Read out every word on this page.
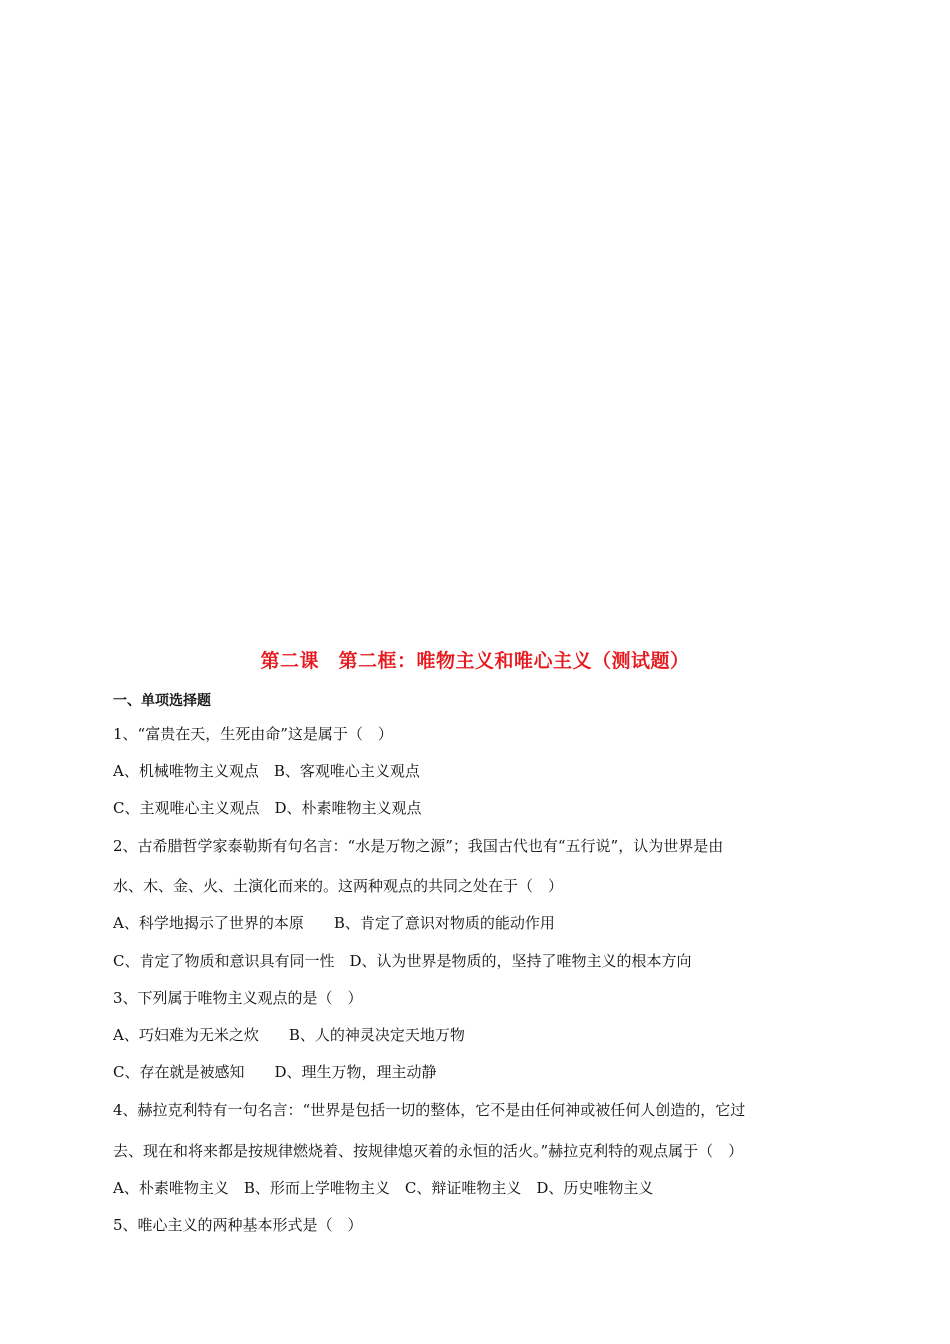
第二课　第二框：唯物主义和唯心主义（测试题）
一、单项选择题
1、“富贵在天，生死由命”这是属于（　）
A、机械唯物主义观点　B、客观唯心主义观点
C、主观唯心主义观点　D、朴素唯物主义观点
2、古希腊哲学家泰勒斯有句名言：“水是万物之源”；我国古代也有“五行说”，认为世界是由
水、木、金、火、土演化而来的。这两种观点的共同之处在于（　）
A、科学地揭示了世界的本原　　B、肯定了意识对物质的能动作用
C、肯定了物质和意识具有同一性　D、认为世界是物质的，坚持了唯物主义的根本方向
3、下列属于唯物主义观点的是（　）
A、巧妇难为无米之炊　　B、人的神灵决定天地万物
C、存在就是被感知　　D、理生万物，理主动静
4、赫拉克利特有一句名言：“世界是包括一切的整体，它不是由任何神或被任何人创造的，它过
去、现在和将来都是按规律燃烧着、按规律熄灭着的永恒的活火。”赫拉克利特的观点属于（　）
A、朴素唯物主义　B、形而上学唯物主义　C、辩证唯物主义　D、历史唯物主义
5、唯心主义的两种基本形式是（　）
